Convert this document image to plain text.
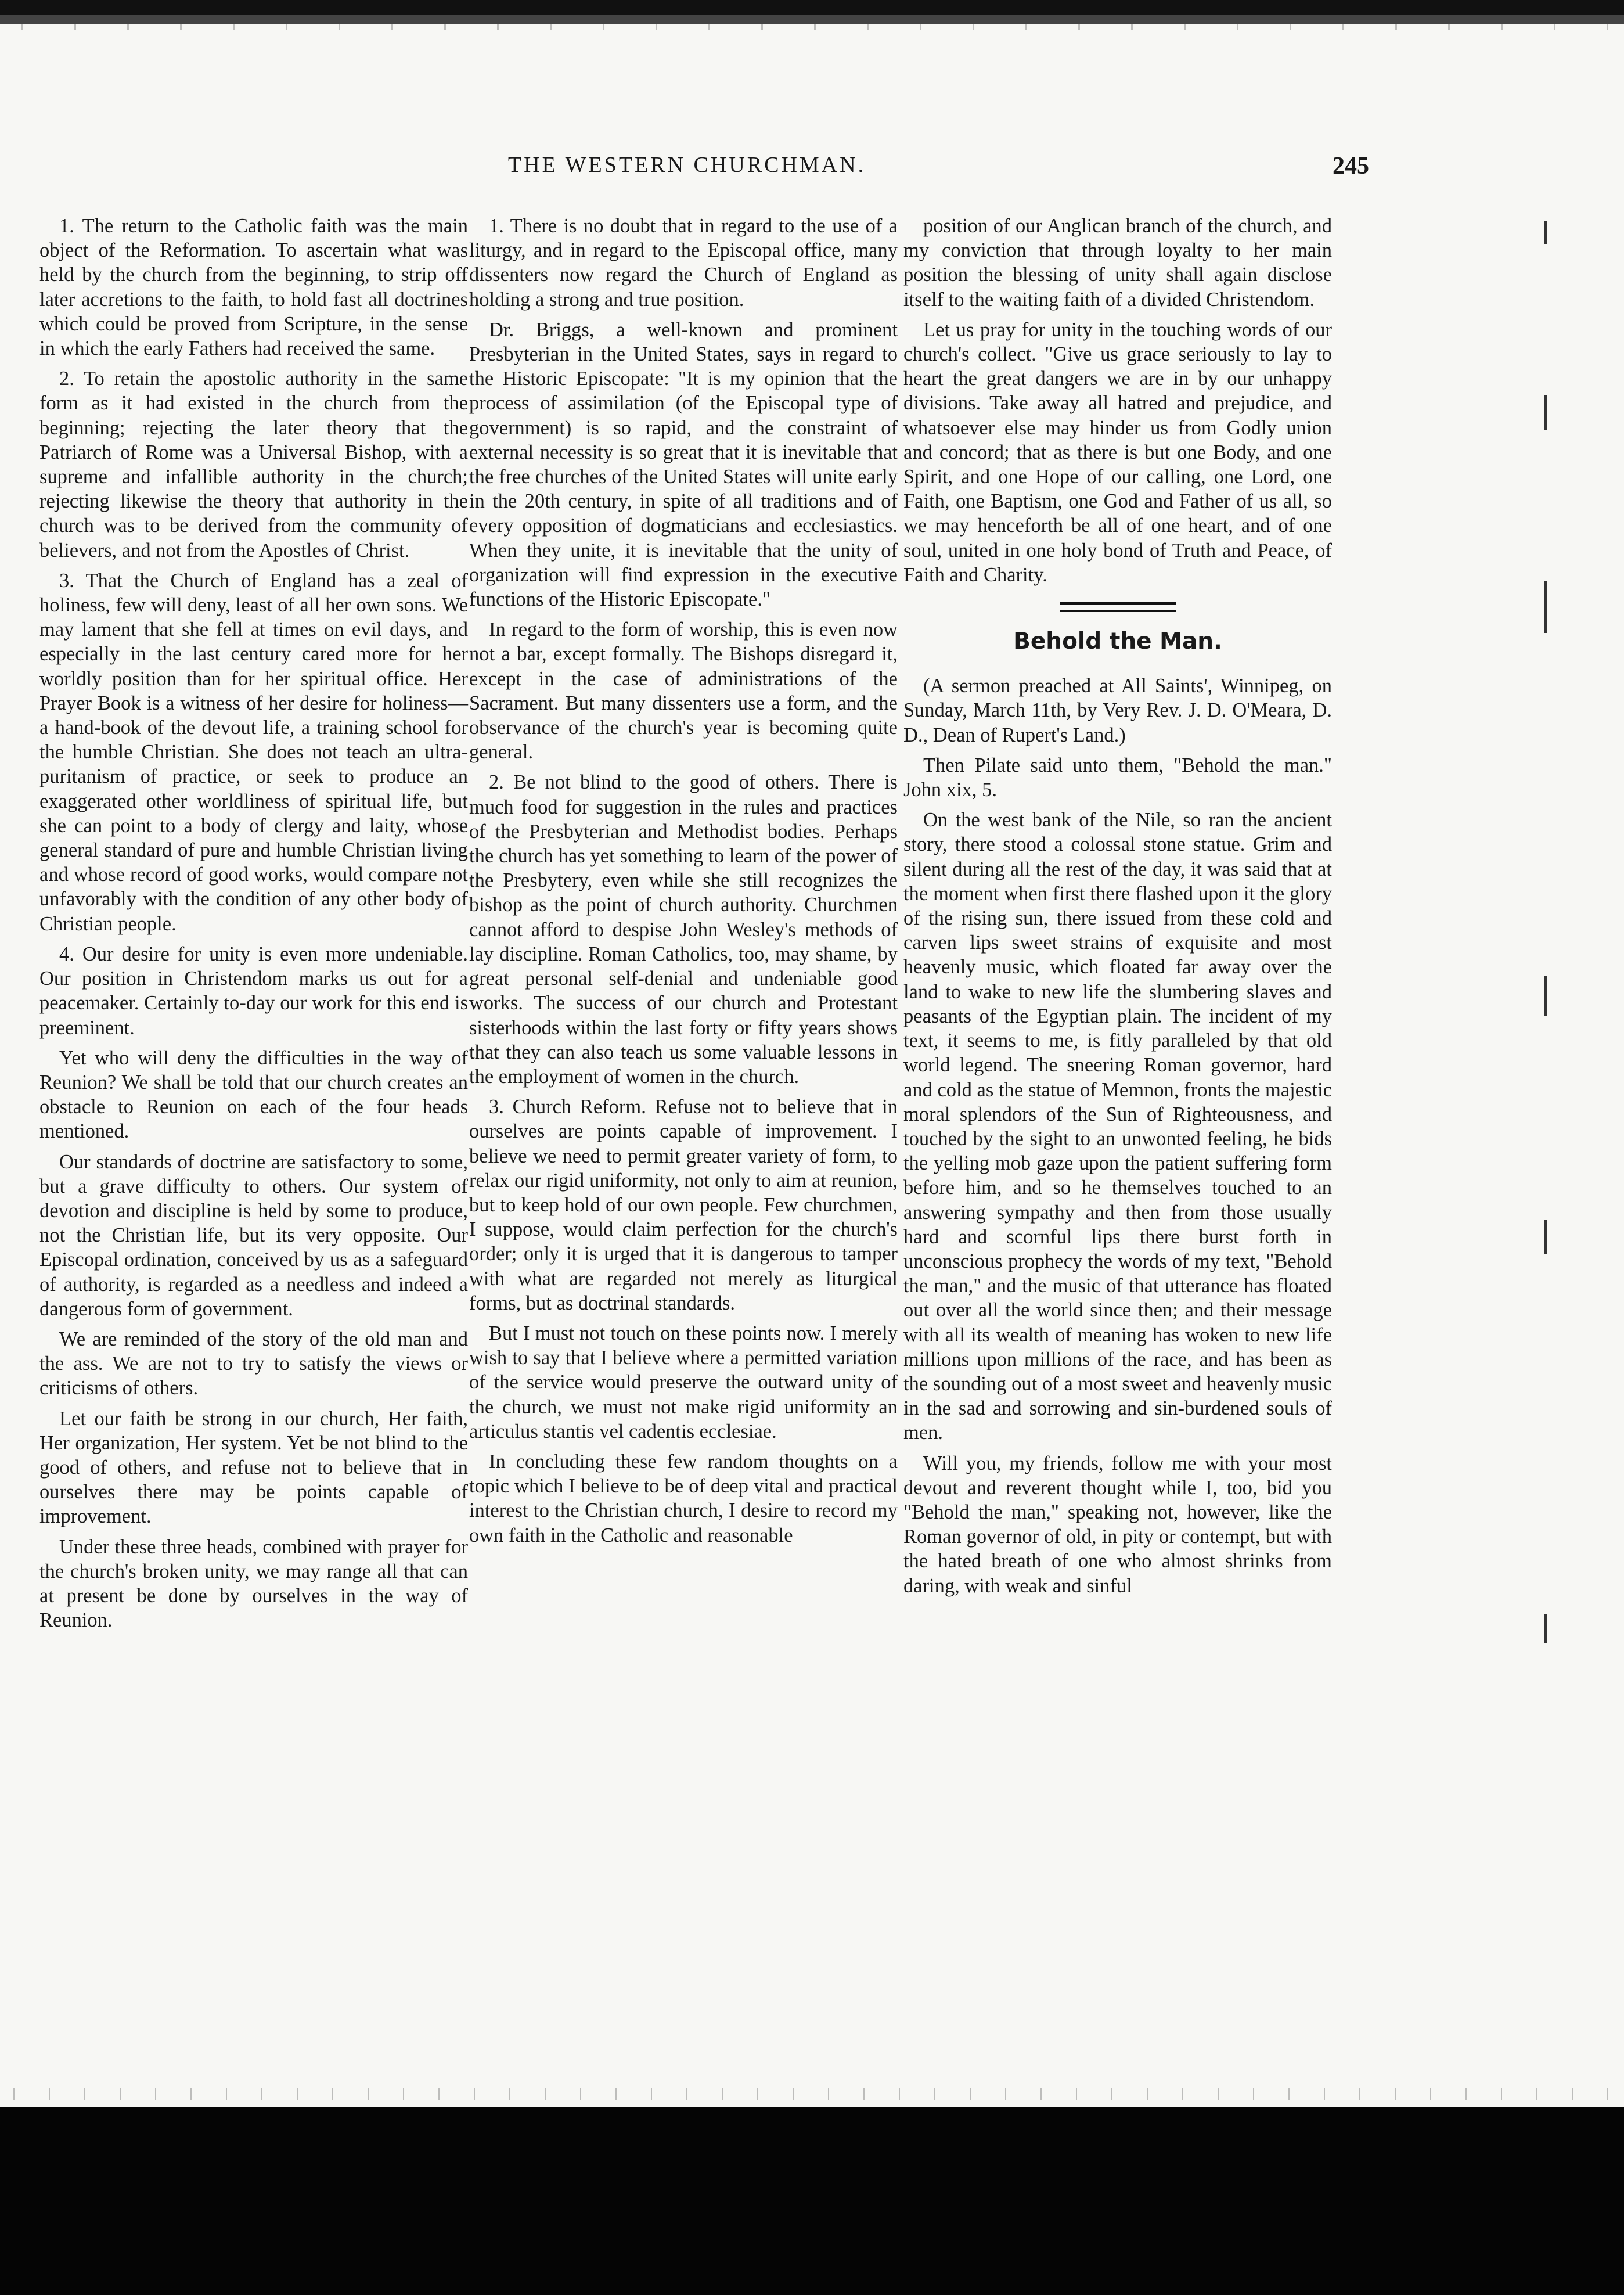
THE WESTERN CHURCHMAN.	245

1. The return to the Catholic faith was the main object of the Reformation. To ascertain what was held by the church from the beginning, to strip off later accretions to the faith, to hold fast all doctrines which could be proved from Scripture, in the sense in which the early Fathers had received the same.

2. To retain the apostolic authority in the same form as it had existed in the church from the beginning; rejecting the later theory that the Patriarch of Rome was a Universal Bishop, with a supreme and infallible authority in the church; rejecting likewise the theory that authority in the church was to be derived from the community of believers, and not from the Apostles of Christ.

3. That the Church of England has a zeal of holiness, few will deny, least of all her own sons. We may lament that she fell at times on evil days, and especially in the last century cared more for her worldly position than for her spiritual office. Her Prayer Book is a witness of her desire for holiness—a hand-book of the devout life, a training school for the humble Christian. She does not teach an ultra-puritanism of practice, or seek to produce an exaggerated other worldliness of spiritual life, but she can point to a body of clergy and laity, whose general standard of pure and humble Christian living and whose record of good works, would compare not unfavorably with the condition of any other body of Christian people.

4. Our desire for unity is even more undeniable. Our position in Christendom marks us out for a peacemaker. Certainly to-day our work for this end is preeminent.

Yet who will deny the difficulties in the way of Reunion? We shall be told that our church creates an obstacle to Reunion on each of the four heads mentioned.

Our standards of doctrine are satisfactory to some, but a grave difficulty to others. Our system of devotion and discipline is held by some to produce, not the Christian life, but its very opposite. Our Episcopal ordination, conceived by us as a safeguard of authority, is regarded as a needless and indeed a dangerous form of government.

We are reminded of the story of the old man and the ass. We are not to try to satisfy the views or criticisms of others.

Let our faith be strong in our church, Her faith, Her organization, Her system. Yet be not blind to the good of others, and refuse not to believe that in ourselves there may be points capable of improvement.

Under these three heads, combined with prayer for the church's broken unity, we may range all that can at present be done by ourselves in the way of Reunion.

1. There is no doubt that in regard to the use of a liturgy, and in regard to the Episcopal office, many dissenters now regard the Church of England as holding a strong and true position.

Dr. Briggs, a well-known and prominent Presbyterian in the United States, says in regard to the Historic Episcopate: "It is my opinion that the process of assimilation (of the Episcopal type of government) is so rapid, and the constraint of external necessity is so great that it is inevitable that the free churches of the United States will unite early in the 20th century, in spite of all traditions and of every opposition of dogmaticians and ecclesiastics. When they unite, it is inevitable that the unity of organization will find expression in the executive functions of the Historic Episcopate."

In regard to the form of worship, this is even now not a bar, except formally. The Bishops disregard it, except in the case of administrations of the Sacrament. But many dissenters use a form, and the observance of the church's year is becoming quite general.

2. Be not blind to the good of others. There is much food for suggestion in the rules and practices of the Presbyterian and Methodist bodies. Perhaps the church has yet something to learn of the power of the Presbytery, even while she still recognizes the bishop as the point of church authority. Churchmen cannot afford to despise John Wesley's methods of lay discipline. Roman Catholics, too, may shame, by great personal self-denial and undeniable good works. The success of our church and Protestant sisterhoods within the last forty or fifty years shows that they can also teach us some valuable lessons in the employment of women in the church.

3. Church Reform. Refuse not to believe that in ourselves are points capable of improvement. I believe we need to permit greater variety of form, to relax our rigid uniformity, not only to aim at reunion, but to keep hold of our own people. Few churchmen, I suppose, would claim perfection for the church's order; only it is urged that it is dangerous to tamper with what are regarded not merely as liturgical forms, but as doctrinal standards.

But I must not touch on these points now. I merely wish to say that I believe where a permitted variation of the service would preserve the outward unity of the church, we must not make rigid uniformity an articulus stantis vel cadentis ecclesiae.

In concluding these few random thoughts on a topic which I believe to be of deep vital and practical interest to the Christian church, I desire to record my own faith in the Catholic and reasonable

position of our Anglican branch of the church, and my conviction that through loyalty to her main position the blessing of unity shall again disclose itself to the waiting faith of a divided Christendom.

Let us pray for unity in the touching words of our church's collect. "Give us grace seriously to lay to heart the great dangers we are in by our unhappy divisions. Take away all hatred and prejudice, and whatsoever else may hinder us from Godly union and concord; that as there is but one Body, and one Spirit, and one Hope of our calling, one Lord, one Faith, one Baptism, one God and Father of us all, so we may henceforth be all of one heart, and of one soul, united in one holy bond of Truth and Peace, of Faith and Charity.

Behold the Man.

(A sermon preached at All Saints', Winnipeg, on Sunday, March 11th, by Very Rev. J. D. O'Meara, D. D., Dean of Rupert's Land.)

Then Pilate said unto them, "Behold the man." John xix, 5.

On the west bank of the Nile, so ran the ancient story, there stood a colossal stone statue. Grim and silent during all the rest of the day, it was said that at the moment when first there flashed upon it the glory of the rising sun, there issued from these cold and carven lips sweet strains of exquisite and most heavenly music, which floated far away over the land to wake to new life the slumbering slaves and peasants of the Egyptian plain. The incident of my text, it seems to me, is fitly paralleled by that old world legend. The sneering Roman governor, hard and cold as the statue of Memnon, fronts the majestic moral splendors of the Sun of Righteousness, and touched by the sight to an unwonted feeling, he bids the yelling mob gaze upon the patient suffering form before him, and so he themselves touched to an answering sympathy and then from those usually hard and scornful lips there burst forth in unconscious prophecy the words of my text, "Behold the man," and the music of that utterance has floated out over all the world since then; and their message with all its wealth of meaning has woken to new life millions upon millions of the race, and has been as the sounding out of a most sweet and heavenly music in the sad and sorrowing and sin-burdened souls of men.

Will you, my friends, follow me with your most devout and reverent thought while I, too, bid you "Behold the man," speaking not, however, like the Roman governor of old, in pity or contempt, but with the hated breath of one who almost shrinks from daring, with weak and sinful
